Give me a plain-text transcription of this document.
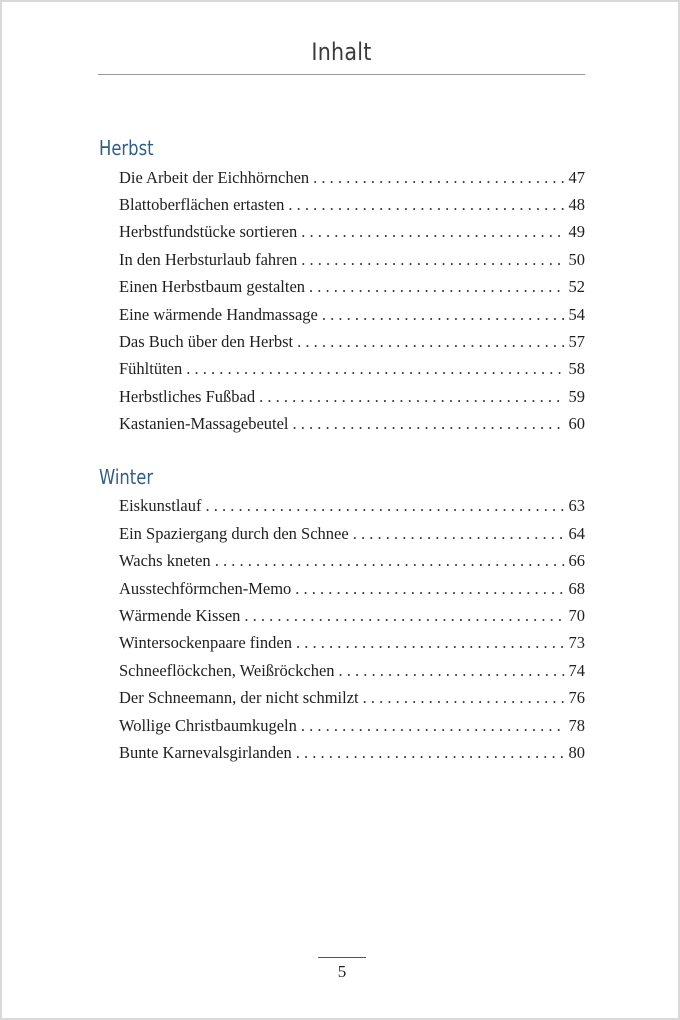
Inhalt
Herbst
Die Arbeit der Eichhörnchen . . .	47
Blattoberflächen ertasten . . .	48
Herbstfundstücke sortieren . . .	49
In den Herbsturlaub fahren . . .	50
Einen Herbstbaum gestalten . . .	52
Eine wärmende Handmassage . . .	54
Das Buch über den Herbst . . .	57
Fühltüten . . .	58
Herbstliches Fußbad . . .	59
Kastanien-Massagebeutel . . .	60
Winter
Eiskunstlauf . . .	63
Ein Spaziergang durch den Schnee . . .	64
Wachs kneten . . .	66
Ausstechförmchen-Memo . . .	68
Wärmende Kissen . . .	70
Wintersockenpaare finden . . .	73
Schneeflöckchen, Weißröckchen . . .	74
Der Schneemann, der nicht schmilzt . . .	76
Wollige Christbaumkugeln . . .	78
Bunte Karnevalsgirlanden . . .	80
5
